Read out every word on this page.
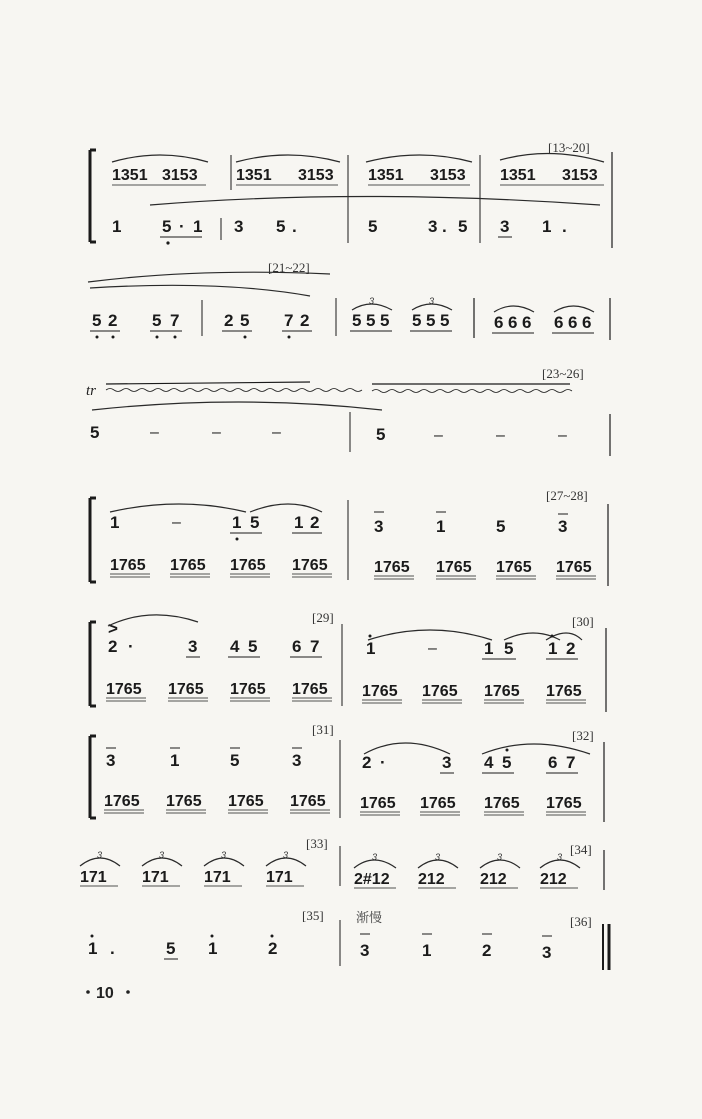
[13~20]
1351 3153 1351 3153 1351 3153 1351 3153
1 5 · 1 3 5 .	5	3 . 5 3 1 .
[21~22]
5 2 5 7	2 5 7 2	5 5 5 5 5 5	6 6 6 6 6 6
3	3
tr
[23~26]
5	–	–	–	5	–	–	–
[27~28]
1	–	1 5 1 2	3	1	5	3
1765 1765 1765 1765	1765 1765 1765 1765
[29]	[30]
>
2 ·	3 4 5 6 7	1	–	1 5 1 2
1765 1765 1765 1765 1765 1765 1765 1765
[31]	[32]
3	1	5	3	2 ·	3 4 5 6 7
1765 1765 1765 1765 1765 1765 1765 1765
[33]	[34]
3	3	3	3	3	3	3	3
171 171 171 171	2#12 212 212 212
[35] 渐慢	[36]
1 .	5 1	2	3	1	2	3
10
